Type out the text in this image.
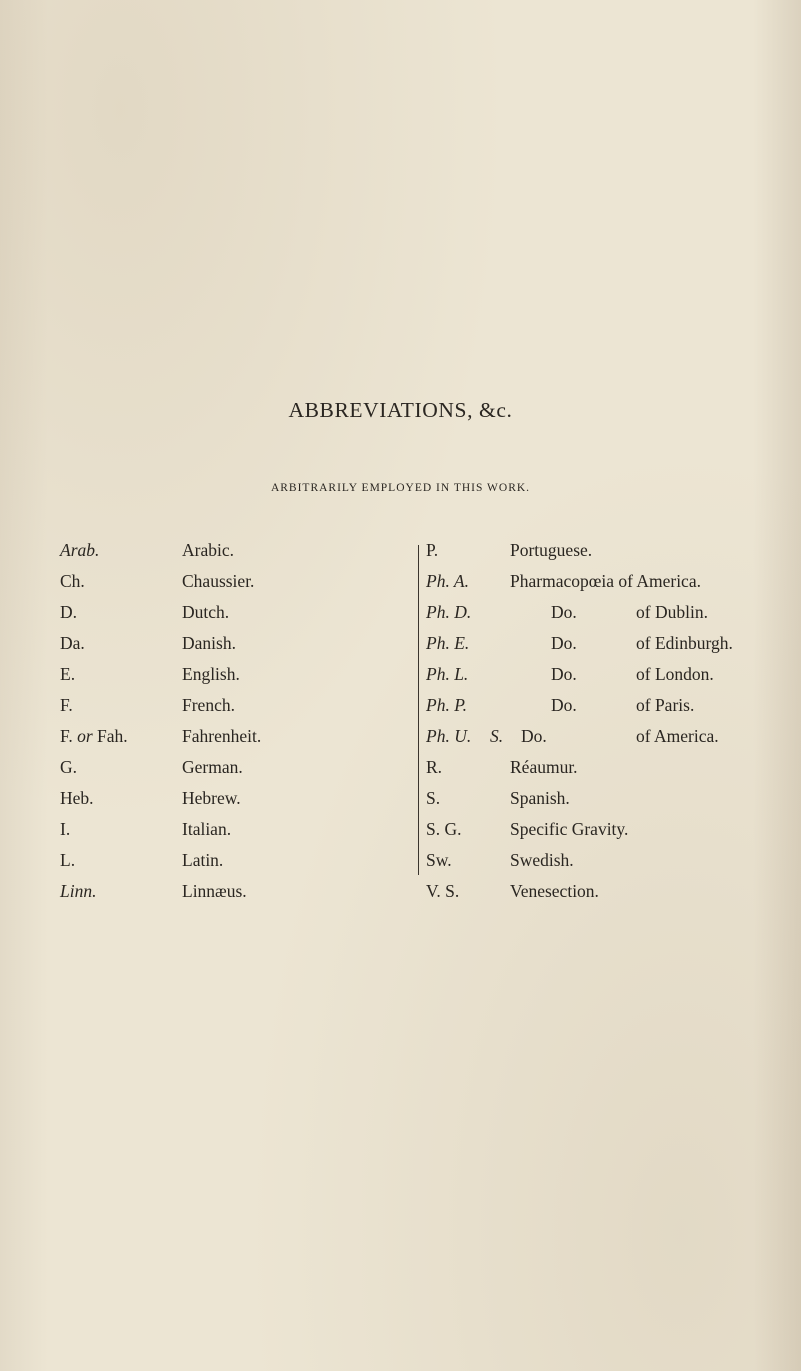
ABBREVIATIONS, &c.
ARBITRARILY EMPLOYED IN THIS WORK.
Arab.	Arabic.
Ch.	Chaussier.
D.	Dutch.
Da.	Danish.
E.	English.
F.	French.
F. or Fah.	Fahrenheit.
G.	German.
Heb.	Hebrew.
I.	Italian.
L.	Latin.
Linn.	Linnæus.
P.	Portuguese.
Ph. A. Pharmacopœia of America.
Ph. D.	Do.	of Dublin.
Ph. E.	Do.	of Edinburgh.
Ph. L.	Do.	of London.
Ph. P.	Do.	of Paris.
Ph. U. S. Do.	of America.
R.	Réaumur.
S.	Spanish.
S. G.	Specific Gravity.
Sw.	Swedish.
V. S.	Venesection.
